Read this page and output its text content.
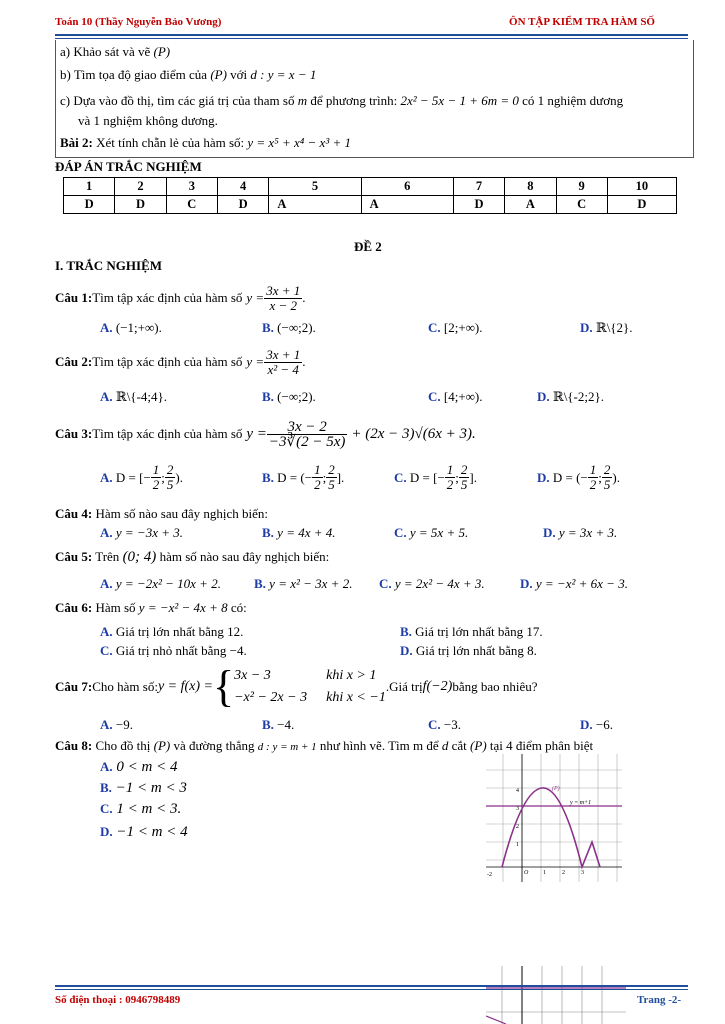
Toán 10 (Thầy Nguyễn Bảo Vương)	ÔN TẬP KIỂM TRA HÀM SỐ
a) Khảo sát và vẽ (P)
b) Tìm tọa độ giao điểm của (P) với d : y = x − 1
c) Dựa vào đồ thị, tìm các giá trị của tham số m để phương trình: 2x² − 5x − 1 + 6m = 0 có 1 nghiệm dương
và 1 nghiệm không dương.
Bài 2: Xét tính chẵn lẻ của hàm số: y = x⁵ + x⁴ − x³ + 1
ĐÁP ÁN TRẮC NGHIỆM
1	2	3	4	5	6	7	8	9	10
D	D	C	D	A	A	D	A	C	D
ĐỀ 2
I. TRẮC NGHIỆM
Câu 1: Tìm tập xác định của hàm số $y = \frac{3x + 1}{x - 2}$ .
A. (−1;+∞).	B. (−∞;2).	C. [2;+∞).	D. ℝ\{2}.
Câu 2: Tìm tập xác định của hàm số $y = \frac{3x + 1}{\text{x² − 4}}$ .
A. ℝ\{-4;4}.	B. (−∞;2).	C. [4;+∞).	D. ℝ\{-2;2}.
Câu 3: Tìm tập xác định của hàm số $y = \frac{3x - 2}{-3∛(2 - 5x)} + (2x - 3)√(6x + 3)$.
A.
D = [− $\frac{1}{2}$ ; $\frac{2}{5}$ ).	B.
D = (− $\frac{1}{2}$ ; $\frac{2}{5}$ ].	C.
D = [− $\frac{1}{2}$ ; $\frac{2}{5}$ ].	D.
D = (− $\frac{1}{2}$ ; $\frac{2}{5}$ ).
Câu 4: Hàm số nào sau đây nghịch biến:
A. y = −3x + 3.	B. y = 4x + 4.	C. y = 5x + 5.	D. y = 3x + 3.
Câu 5: Trên (0; 4) hàm số nào sau đây nghịch biến:
A. y = −2x² − 10x + 2.	B. y = x² − 3x + 2. C. y = 2x² − 4x + 3.	D. y = −x² + 6x − 3.
Câu 6: Hàm số y = −x² − 4x + 8 có:
A. Giá trị lớn nhất bằng 12.	B. Giá trị lớn nhất bằng 17.
C. Giá trị nhỏ nhất bằng −4.	D. Giá trị lớn nhất bằng 8.
Câu 7: Cho hàm số: y = f(x) = { 3x − 3	khi x > 1
−x² − 2x − 3 khi x < −1
.Giá trị f(−2) bằng bao nhiêu?
A. −9.	B. −4.	C. −3.	D. −6.
Câu 8: Cho đồ thị (P) và đường thẳng d : y = m + 1 như hình vẽ. Tìm m để d cắt (P) tại 4 điểm phân biệt
A. 0 < m < 4
B. −1 < m < 3
C. 1 < m < 3.
D. −1 < m < 4
(P)
y = m+1
-2	O 1	2	3
4
3
2
1
Số điện thoại : 0946798489	Trang -2-
